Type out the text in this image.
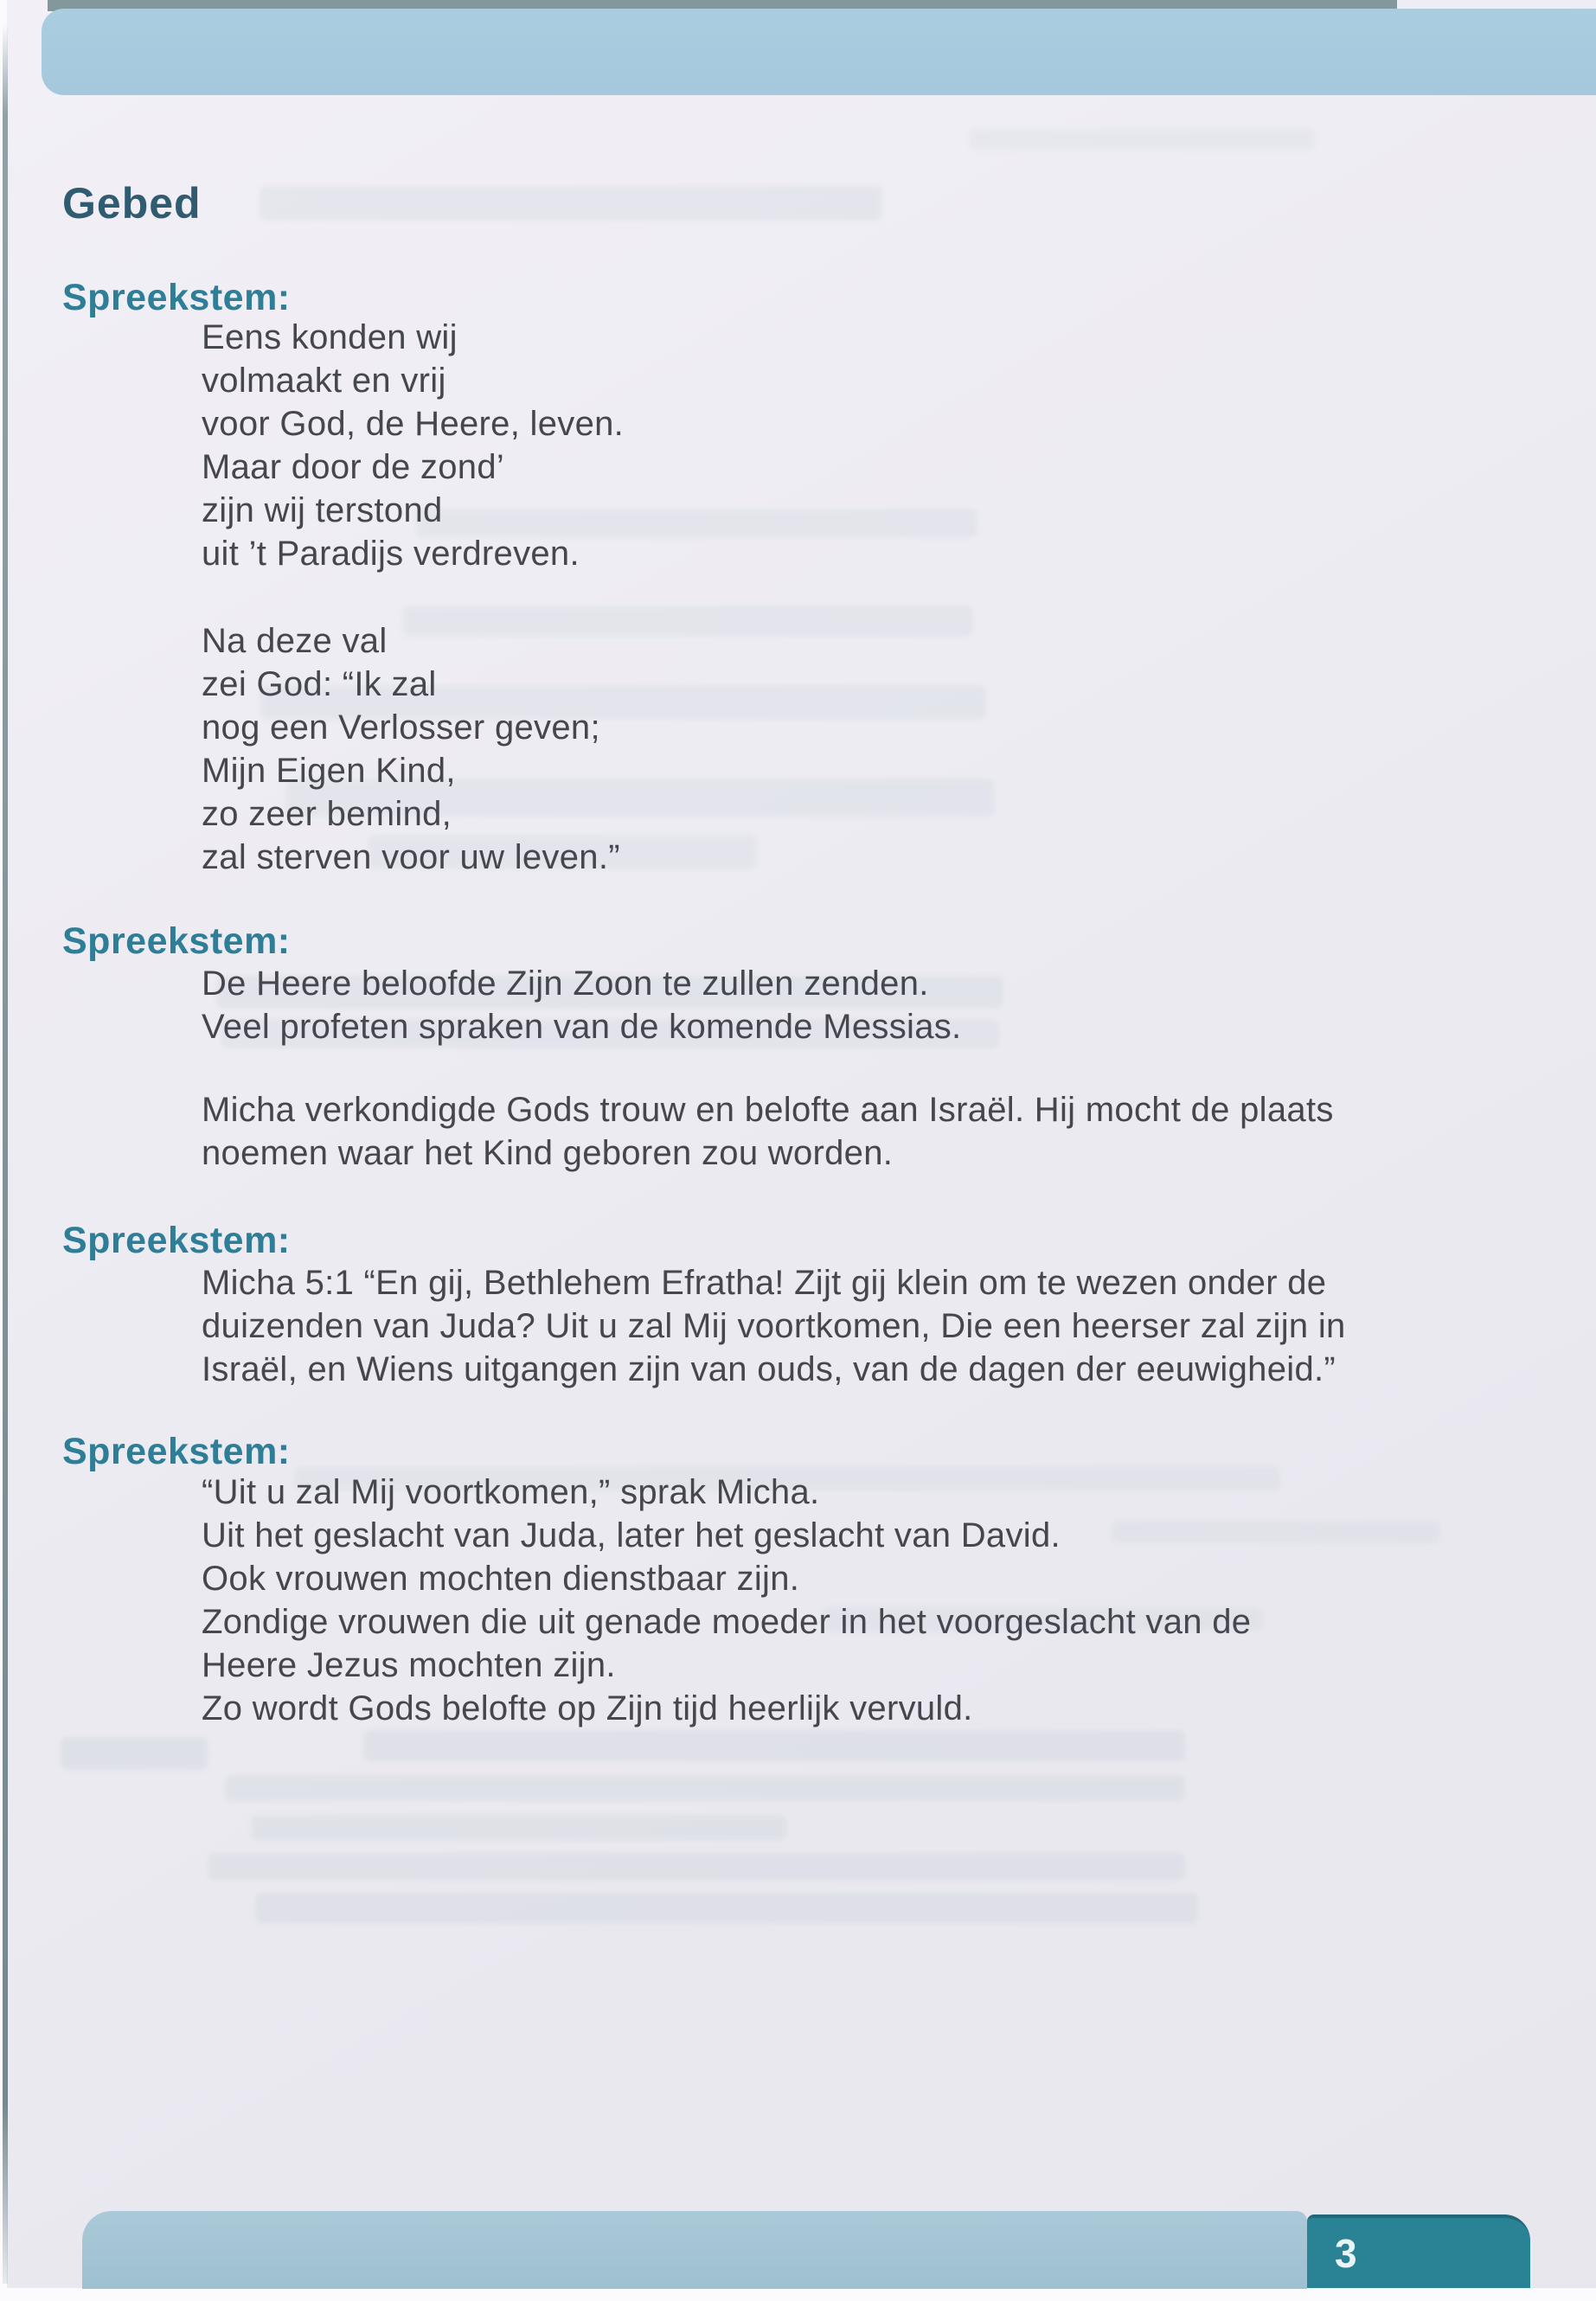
Gebed
Spreekstem:
Eens konden wij
volmaakt en vrij
voor God, de Heere, leven.
Maar door de zond’
zijn wij terstond
uit ’t Paradijs verdreven.
Na deze val
zei God: “Ik zal
nog een Verlosser geven;
Mijn Eigen Kind,
zo zeer bemind,
zal sterven voor uw leven.”
Spreekstem:
De Heere beloofde Zijn Zoon te zullen zenden.
Veel profeten spraken van de komende Messias.
Micha verkondigde Gods trouw en belofte aan Israël. Hij mocht de plaats
noemen waar het Kind geboren zou worden.
Spreekstem:
Micha 5:1 “En gij, Bethlehem Efratha! Zijt gij klein om te wezen onder de
duizenden van Juda? Uit u zal Mij voortkomen, Die een heerser zal zijn in
Israël, en Wiens uitgangen zijn van ouds, van de dagen der eeuwigheid.”
Spreekstem:
“Uit u zal Mij voortkomen,” sprak Micha.
Uit het geslacht van Juda, later het geslacht van David.
Ook vrouwen mochten dienstbaar zijn.
Zondige vrouwen die uit genade moeder in het voorgeslacht van de
Heere Jezus mochten zijn.
Zo wordt Gods belofte op Zijn tijd heerlijk vervuld.
3
